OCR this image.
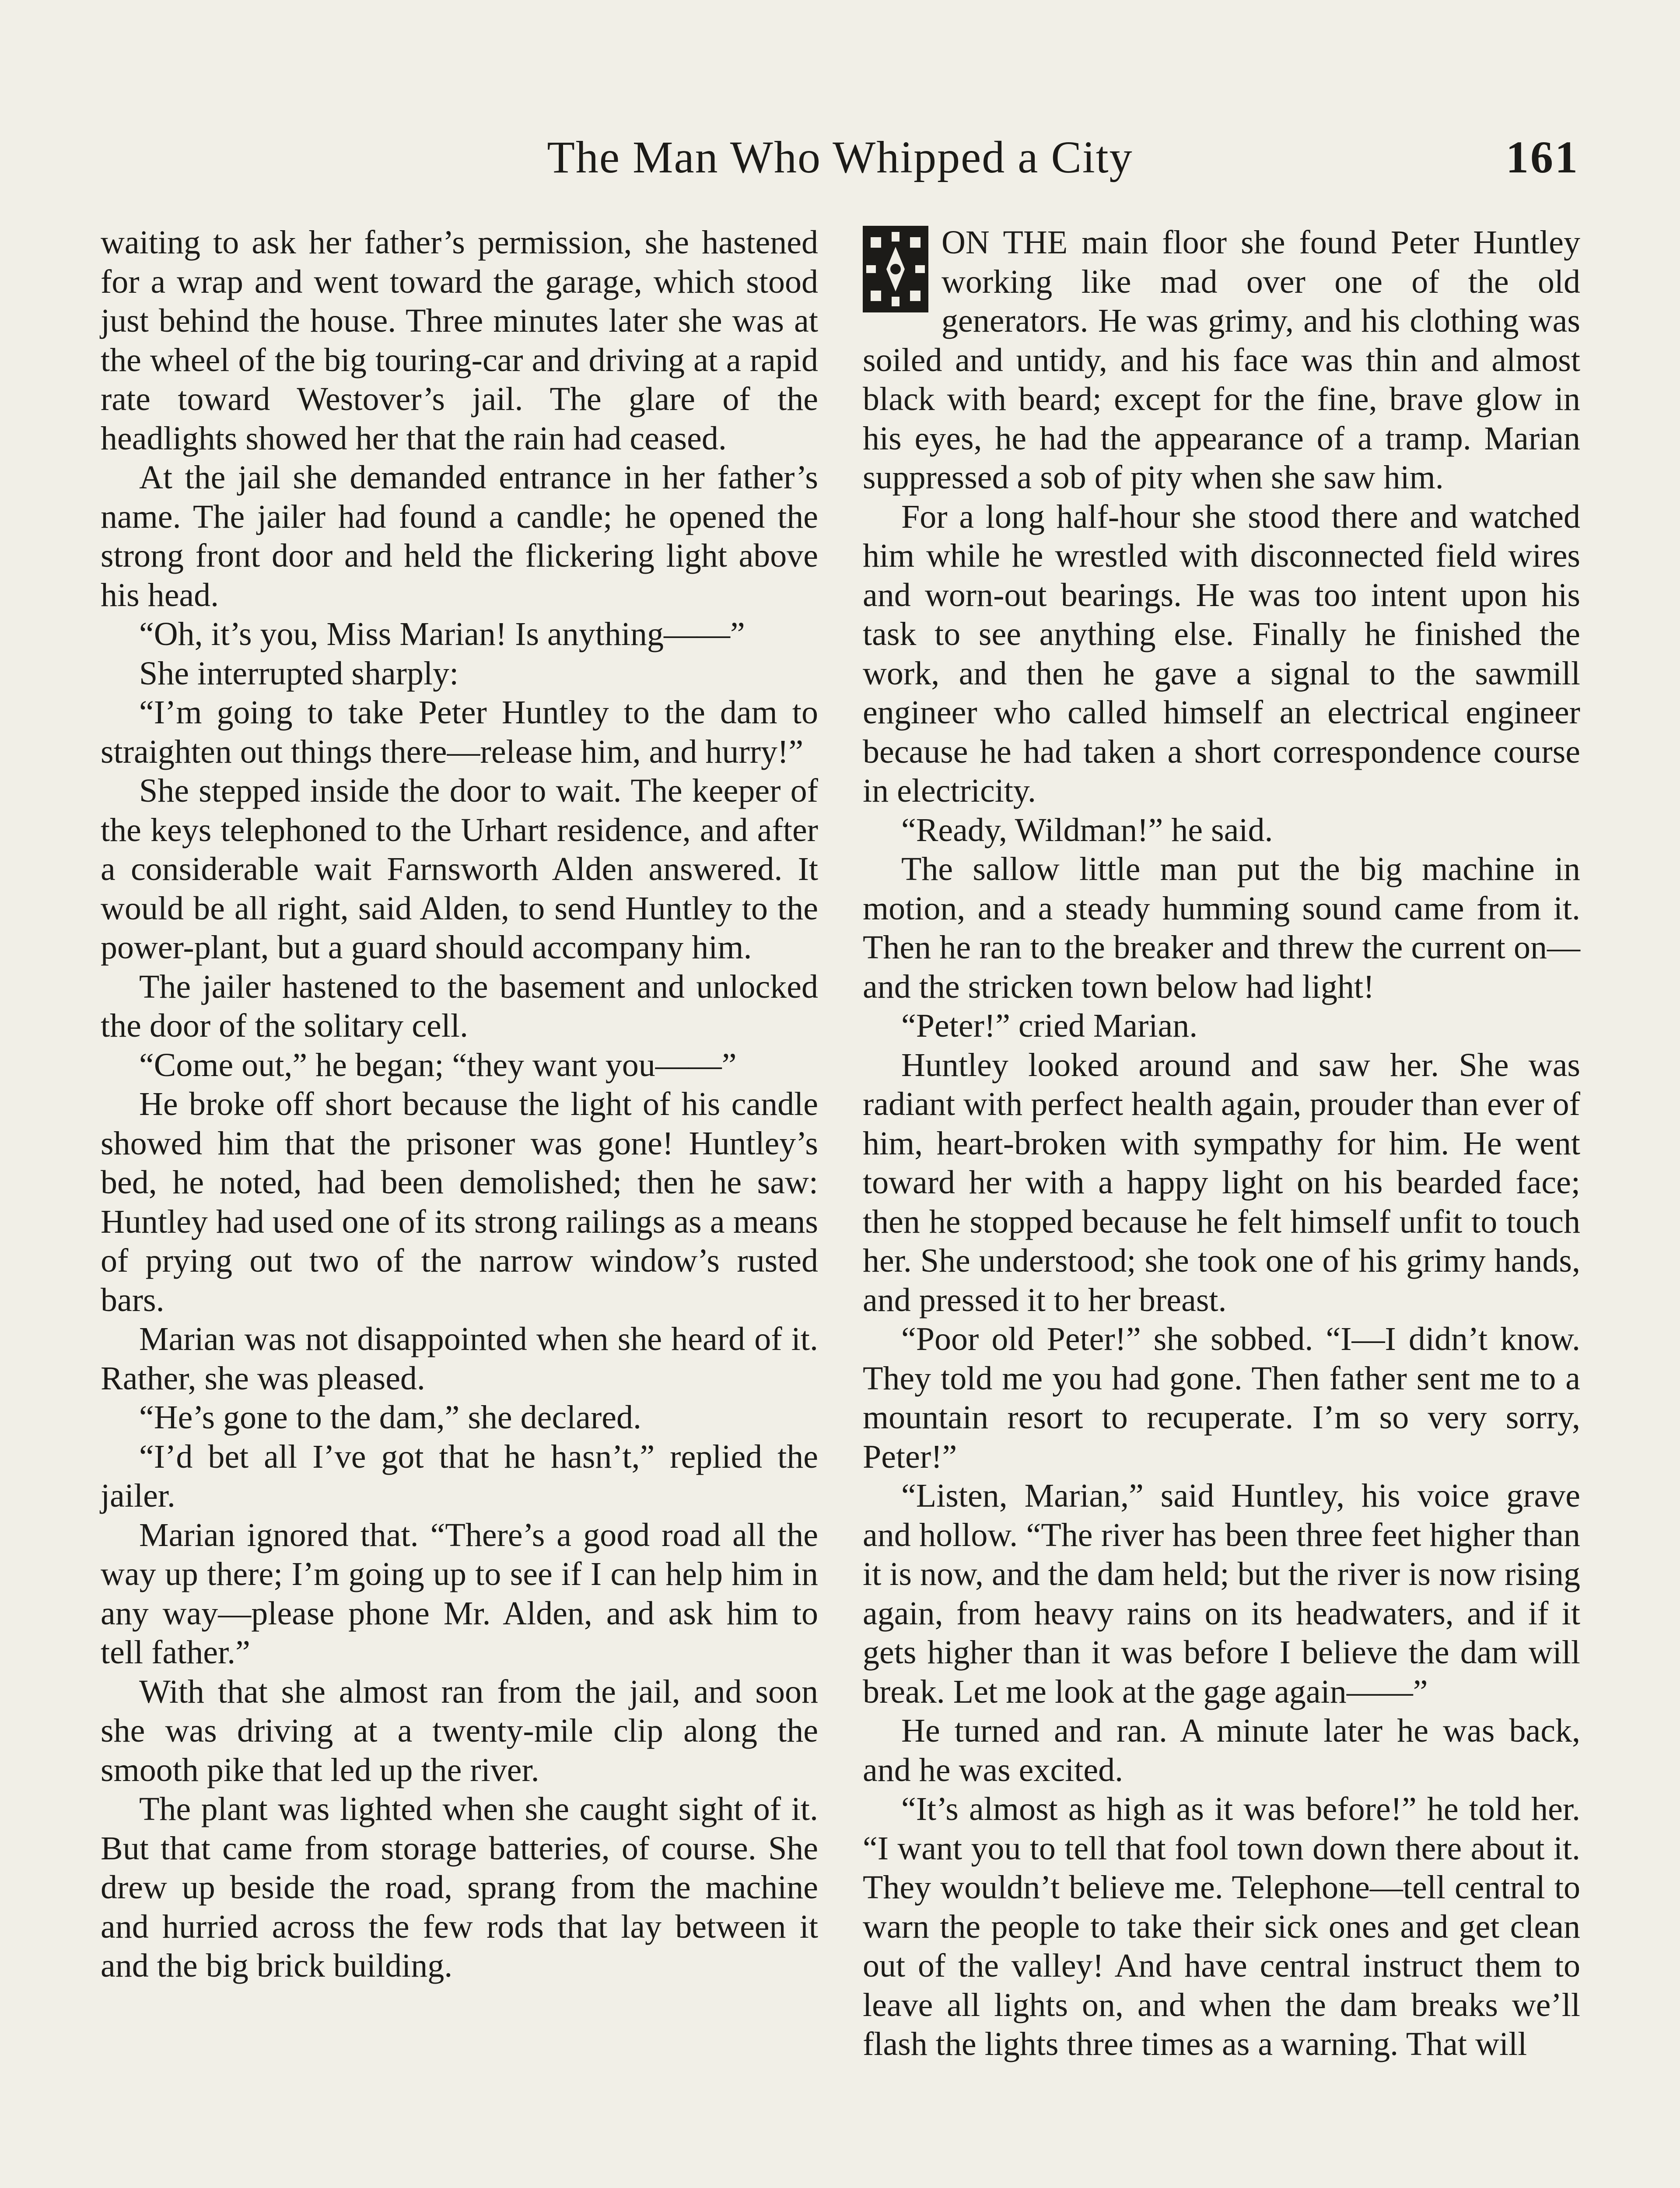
The Man Who Whipped a City	161

waiting to ask her father’s permission, she hastened for a wrap and went toward the garage, which stood just behind the house. Three minutes later she was at the wheel of the big touring-car and driving at a rapid rate toward Westover’s jail. The glare of the headlights showed her that the rain had ceased.

At the jail she demanded entrance in her father’s name. The jailer had found a candle; he opened the strong front door and held the flickering light above his head.

“Oh, it’s you, Miss Marian! Is anything——”

She interrupted sharply:

“I’m going to take Peter Huntley to the dam to straighten out things there—release him, and hurry!”

She stepped inside the door to wait. The keeper of the keys telephoned to the Urhart residence, and after a considerable wait Farnsworth Alden answered. It would be all right, said Alden, to send Huntley to the power-plant, but a guard should accompany him.

The jailer hastened to the basement and unlocked the door of the solitary cell.

“Come out,” he began; “they want you——”

He broke off short because the light of his candle showed him that the prisoner was gone! Huntley’s bed, he noted, had been demolished; then he saw: Huntley had used one of its strong railings as a means of prying out two of the narrow window’s rusted bars.

Marian was not disappointed when she heard of it. Rather, she was pleased.

“He’s gone to the dam,” she declared.

“I’d bet all I’ve got that he hasn’t,” replied the jailer.

Marian ignored that. “There’s a good road all the way up there; I’m going up to see if I can help him in any way—please phone Mr. Alden, and ask him to tell father.”

With that she almost ran from the jail, and soon she was driving at a twenty-mile clip along the smooth pike that led up the river.

The plant was lighted when she caught sight of it. But that came from storage batteries, of course. She drew up beside the road, sprang from the machine and hurried across the few rods that lay between it and the big brick building.

ON THE main floor she found Peter Huntley working like mad over one of the old generators. He was grimy, and his clothing was soiled and untidy, and his face was thin and almost black with beard; except for the fine, brave glow in his eyes, he had the appearance of a tramp. Marian suppressed a sob of pity when she saw him.

For a long half-hour she stood there and watched him while he wrestled with disconnected field wires and worn-out bearings. He was too intent upon his task to see anything else. Finally he finished the work, and then he gave a signal to the sawmill engineer who called himself an electrical engineer because he had taken a short correspondence course in electricity.

“Ready, Wildman!” he said.

The sallow little man put the big machine in motion, and a steady humming sound came from it. Then he ran to the breaker and threw the current on—and the stricken town below had light!

“Peter!” cried Marian.

Huntley looked around and saw her. She was radiant with perfect health again, prouder than ever of him, heart-broken with sympathy for him. He went toward her with a happy light on his bearded face; then he stopped because he felt himself unfit to touch her. She understood; she took one of his grimy hands, and pressed it to her breast.

“Poor old Peter!” she sobbed. “I—I didn’t know. They told me you had gone. Then father sent me to a mountain resort to recuperate. I’m so very sorry, Peter!”

“Listen, Marian,” said Huntley, his voice grave and hollow. “The river has been three feet higher than it is now, and the dam held; but the river is now rising again, from heavy rains on its headwaters, and if it gets higher than it was before I believe the dam will break. Let me look at the gage again——”

He turned and ran. A minute later he was back, and he was excited.

“It’s almost as high as it was before!” he told her. “I want you to tell that fool town down there about it. They wouldn’t believe me. Telephone—tell central to warn the people to take their sick ones and get clean out of the valley! And have central instruct them to leave all lights on, and when the dam breaks we’ll flash the lights three times as a warning. That will
